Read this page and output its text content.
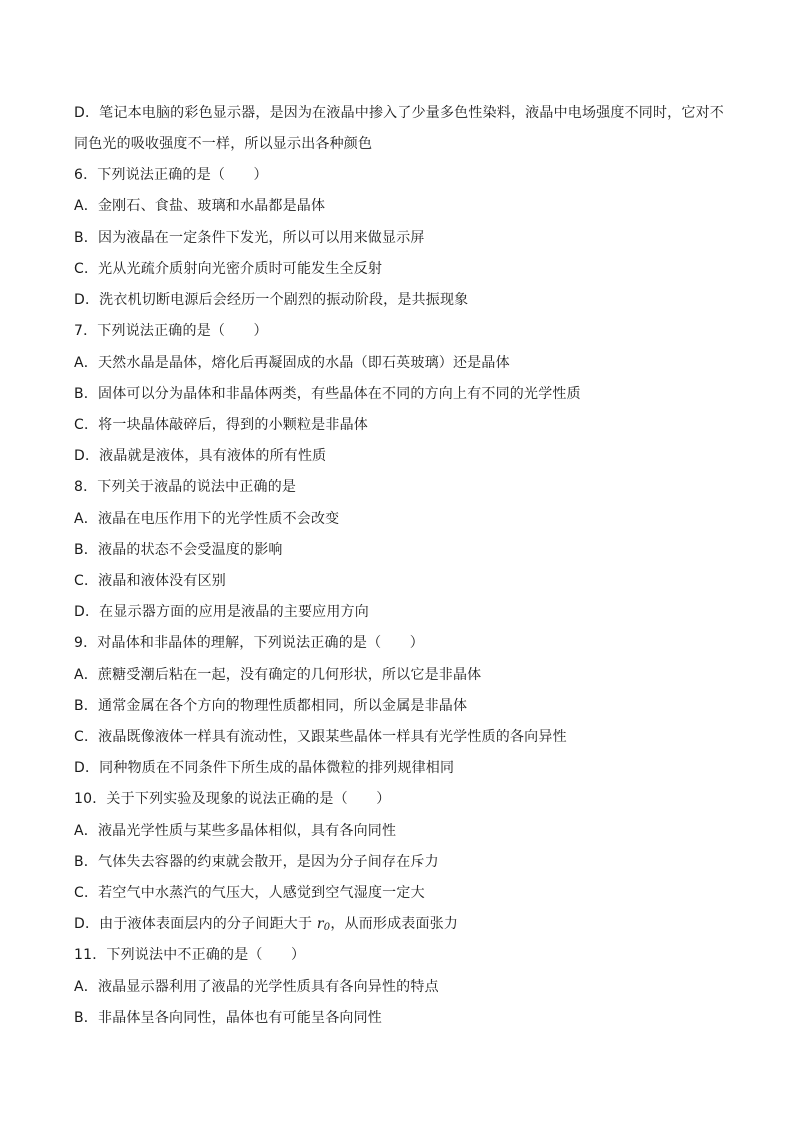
D．笔记本电脑的彩色显示器，是因为在液晶中掺入了少量多色性染料，液晶中电场强度不同时，它对不
同色光的吸收强度不一样，所以显示出各种颜色
6．下列说法正确的是（　　）
A．金刚石、食盐、玻璃和水晶都是晶体
B．因为液晶在一定条件下发光，所以可以用来做显示屏
C．光从光疏介质射向光密介质时可能发生全反射
D．洗衣机切断电源后会经历一个剧烈的振动阶段，是共振现象
7．下列说法正确的是（　　）
A．天然水晶是晶体，熔化后再凝固成的水晶（即石英玻璃）还是晶体
B．固体可以分为晶体和非晶体两类，有些晶体在不同的方向上有不同的光学性质
C．将一块晶体敲碎后，得到的小颗粒是非晶体
D．液晶就是液体，具有液体的所有性质
8．下列关于液晶的说法中正确的是
A．液晶在电压作用下的光学性质不会改变
B．液晶的状态不会受温度的影响
C．液晶和液体没有区别
D．在显示器方面的应用是液晶的主要应用方向
9．对晶体和非晶体的理解，下列说法正确的是（　　）
A．蔗糖受潮后粘在一起，没有确定的几何形状，所以它是非晶体
B．通常金属在各个方向的物理性质都相同，所以金属是非晶体
C．液晶既像液体一样具有流动性，又跟某些晶体一样具有光学性质的各向异性
D．同种物质在不同条件下所生成的晶体微粒的排列规律相同
10．关于下列实验及现象的说法正确的是（　　）
A．液晶光学性质与某些多晶体相似，具有各向同性
B．气体失去容器的约束就会散开，是因为分子间存在斥力
C．若空气中水蒸汽的气压大，人感觉到空气湿度一定大
D．由于液体表面层内的分子间距大于 $r_0$，从而形成表面张力
11．下列说法中不正确的是（　　）
A．液晶显示器利用了液晶的光学性质具有各向异性的特点
B．非晶体呈各向同性，晶体也有可能呈各向同性
